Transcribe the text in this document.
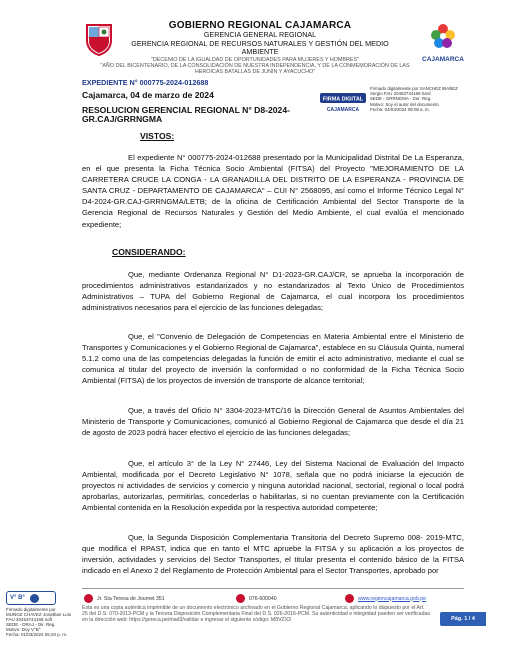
GOBIERNO REGIONAL CAJAMARCA
GERENCIA GENERAL REGIONAL
GERENCIA REGIONAL DE RECURSOS NATURALES Y GESTIÓN DEL MEDIO AMBIENTE
CAJAMARCA
"DECENIO DE LA IGUALDAD DE OPORTUNIDADES PARA MUJERES Y HOMBRES"
"AÑO DEL BICENTENARIO, DE LA CONSOLIDACIÓN DE NUESTRA INDEPENDENCIA, Y DE LA CONMEMORACIÓN DE LAS HEROICAS BATALLAS DE JUNÍN Y AYACUCHO"
EXPEDIENTE N° 000775-2024-012688
Cajamarca, 04 de marzo de 2024
RESOLUCION GERENCIAL REGIONAL N° D8-2024-
GR.CAJ/GRRNGMA
FIRMA DIGITAL
CAJAMARCA
Firmado digitalmente por SANCHEZ IBAÑEZ
Sergio FAU 20453744168 hard
SEDE - GRRNGMA - Ger. Reg.
Motivo: Soy el autor del documento
Fecha: 04/03/2024 08:08 a. m.
VISTOS:
El expediente N° 000775-2024-012688 presentado por la Municipalidad Distrital De La Esperanza, en el que presenta la Ficha Técnica Socio Ambiental (FITSA) del Proyecto "MEJORAMIENTO DE LA CARRETERA CRUCE LA CONGA - LA GRANADILLA DEL DISTRITO DE LA ESPERANZA - PROVINCIA DE SANTA CRUZ - DEPARTAMENTO DE CAJAMARCA" – CUI N° 2568095, así como el Informe Técnico Legal N° D4-2024-GR.CAJ-GRRNGMA/LETB; de la oficina de Certificación Ambiental del Sector Transporte de la Gerencia Regional de Recursos Naturales y Gestión del Medio Ambiente, el cual evalúa el mencionado expediente;
CONSIDERANDO:
Que, mediante Ordenanza Regional N° D1-2023-GR.CAJ/CR, se aprueba la incorporación de procedimientos administrativos estandarizados y no estandarizados al Texto Único de Procedimientos Administrativos – TUPA del Gobierno Regional de Cajamarca, el cual incorpora los procedimientos administrativos necesarios para el ejercicio de las funciones delegadas;
Que, el "Convenio de Delegación de Competencias en Materia Ambiental entre el Ministerio de Transportes y Comunicaciones y el Gobierno Regional de Cajamarca", establece en su Cláusula Quinta, numeral 5.1.2 como una de las competencias delegadas la función de emitir el acto administrativo, mediante el cual se comunica al titular del proyecto de inversión la conformidad o no conformidad de la Ficha Técnica Socio Ambiental (FITSA) de los proyectos de inversión de transporte de alcance territorial;
Que, a través del Oficio N° 3304-2023-MTC/16 la Dirección General de Asuntos Ambientales del Ministerio de Transporte y Comunicaciones, comunicó al Gobierno Regional de Cajamarca que desde el día 21 de agosto de 2023 podrá hacer efectivo el ejercicio de las funciones delegadas;
Que, el artículo 3° de la Ley N° 27446, Ley del Sistema Nacional de Evaluación del Impacto Ambiental, modificada por el Decreto Legislativo N° 1078, señala que no podrá iniciarse la ejecución de proyectos ni actividades de servicios y comercio y ninguna autoridad nacional, sectorial, regional o local podrá aprobarlas, autorizarlas, permitirlas, concederlas o habilitarlas, si no cuentan previamente con la Certificación Ambiental contenida en la Resolución expedida por la respectiva autoridad competente;
Que, la Segunda Disposición Complementaria Transitoria del Decreto Supremo 008- 2019-MTC, que modifica el RPAST, indica que en tanto el MTC apruebe la FITSA y su aplicación a los proyectos de inversión, actividades y servicios del Sector Transportes, el titular presenta el contenido básico de la FITSA indicado en el Anexo 2 del Reglamento de Protección Ambiental para el Sector Transportes, aprobado por
V° B°
Firmado digitalmente por
MUÑOZ CHAVEZ Jonathan Luis
FAU 20453744168 soft
SEDE - DRAJ - Dir. Reg.
Motivo: Doy V°B°
Fecha: 01/03/2024 05:20 p. m.
Jr. Sta Teresa de Journet 351	076-600040	www.regioncajamarca.gob.pe
Esta es una copia auténtica imprimible de un documento electrónico archivado en el Gobierno Regional Cajamarca, aplicando lo dispuesto por el Art. 25 del D.S. 070-2013-PCM y la Tercera Disposición Complementaria Final del D.S. 026-2016-PCM. Su autenticidad e integridad pueden ser verificadas en la dirección web: https://goreca.pe/mad3/validar e ingresar el siguiente código: M8VZX3	Pág. 1 / 4
